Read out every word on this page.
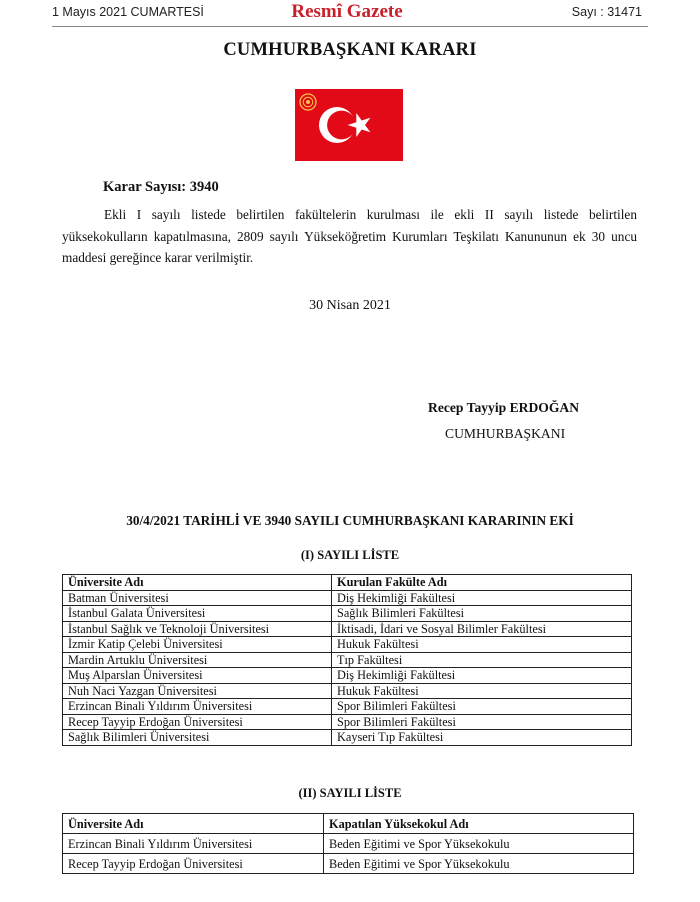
1 Mayıs 2021 CUMARTESİ	Resmî Gazete	Sayı : 31471
CUMHURBAŞKANI KARARI
Karar Sayısı: 3940
Ekli I sayılı listede belirtilen fakültelerin kurulması ile ekli II sayılı listede belirtilen yüksekokulların kapatılmasına, 2809 sayılı Yükseköğretim Kurumları Teşkilatı Kanununun ek 30 uncu maddesi gereğince karar verilmiştir.
30 Nisan 2021
Recep Tayyip ERDOĞAN
CUMHURBAŞKANI
30/4/2021 TARİHLİ VE 3940 SAYILI CUMHURBAŞKANI KARARININ EKİ
(I) SAYILI LİSTE
Üniversite Adı	Kurulan Fakülte Adı
Batman Üniversitesi	Diş Hekimliği Fakültesi
İstanbul Galata Üniversitesi	Sağlık Bilimleri Fakültesi
İstanbul Sağlık ve Teknoloji Üniversitesi	İktisadi, İdari ve Sosyal Bilimler Fakültesi
İzmir Katip Çelebi Üniversitesi	Hukuk Fakültesi
Mardin Artuklu Üniversitesi	Tıp Fakültesi
Muş Alparslan Üniversitesi	Diş Hekimliği Fakültesi
Nuh Naci Yazgan Üniversitesi	Hukuk Fakültesi
Erzincan Binali Yıldırım Üniversitesi	Spor Bilimleri Fakültesi
Recep Tayyip Erdoğan Üniversitesi	Spor Bilimleri Fakültesi
Sağlık Bilimleri Üniversitesi	Kayseri Tıp Fakültesi
(II) SAYILI LİSTE
Üniversite Adı	Kapatılan Yüksekokul Adı
Erzincan Binali Yıldırım Üniversitesi	Beden Eğitimi ve Spor Yüksekokulu
Recep Tayyip Erdoğan Üniversitesi	Beden Eğitimi ve Spor Yüksekokulu
